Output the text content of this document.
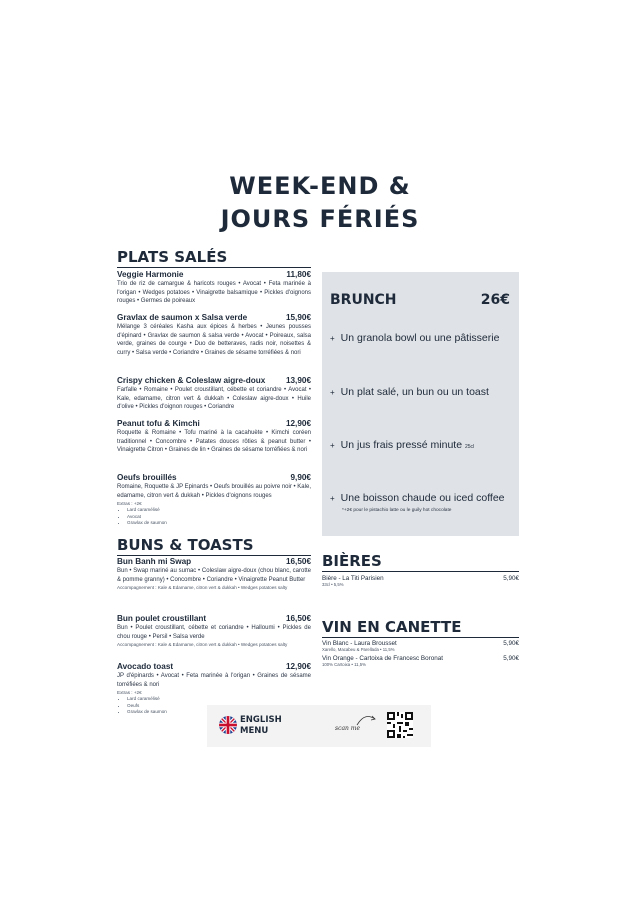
WEEK-END &
JOURS FÉRIÉS
PLATS SALÉS
Veggie Harmonie	11,80€
Trio de riz de camargue & haricots rouges • Avocat • Feta marinée à l'origan • Wedges potatoes • Vinaigrette balsamique • Pickles d'oignons rouges • Germes de poireaux
Gravlax de saumon x Salsa verde	15,90€
Mélange 3 céréales Kasha aux épices & herbes • Jeunes pousses d'épinard • Gravlax de saumon & salsa verde • Avocat • Poireaux, salsa verde, graines de courge • Duo de betteraves, radis noir, noisettes & curry • Salsa verde • Coriandre • Graines de sésame torréfiées & nori
Crispy chicken & Coleslaw aigre-doux	13,90€
Farfalle • Romaine • Poulet croustillant, cébette et coriandre • Avocat • Kale, edamame, citron vert & dukkah • Coleslaw aigre-doux • Huile d'olive • Pickles d'oignon rouges • Coriandre
Peanut tofu & Kimchi	12,90€
Roquette & Romaine • Tofu mariné à la cacahuète • Kimchi coréen traditionnel • Concombre • Patates douces rôties & peanut butter • Vinaigrette Citron • Graines de lin • Graines de sésame torréfiées & nori
Oeufs brouillés	9,90€
Romaine, Roquette & JP Epinards • Oeufs brouillés au poivre noir • Kale, edamame, citron vert & dukkah • Pickles d'oignons rouges
Extras : +2€
• Lard caramélisé
• Avocat
• Gravlax de saumon
BUNS & TOASTS
Bun Banh mi Swap	16,50€
Bun • Swap mariné au sumac • Coleslaw aigre-doux (chou blanc, carotte & pomme granny) • Concombre • Coriandre • Vinaigrette Peanut Butter
Accompagnement : Kale & Edamame, citron vert & dukkah • Wedges potatoes salty
Bun poulet croustillant	16,50€
Bun • Poulet croustillant, cébette et coriandre • Halloumi • Pickles de chou rouge • Persil • Salsa verde
Accompagnement : Kale & Edamame, citron vert & dukkah • Wedges potatoes salty
Avocado toast	12,90€
JP d'épinards • Avocat • Feta marinée à l'origan • Graines de sésame torréfiées & nori
Extras : +2€
• Lard caramélisé
• Oeufs
• Gravlax de saumon
BRUNCH	26€
+ Un granola bowl ou une pâtisserie
+ Un plat salé, un bun ou un toast
+ Un jus frais pressé minute 25cl
+ Une boisson chaude ou iced coffee
*+2€ pour le pistachio latte ou le guily hot chocolate
BIÈRES
Bière - La Titi Parisien	5,90€
33cl • 5,5%
VIN EN CANETTE
Vin Blanc - Laura Brousset	5,90€
Xarello, Macabeu & Parellada • 11,5%
Vin Orange - Cartoixa de Francesc Boronat	5,90€
100% Cartoixa • 11,5%
ENGLISH
MENU	scan me
